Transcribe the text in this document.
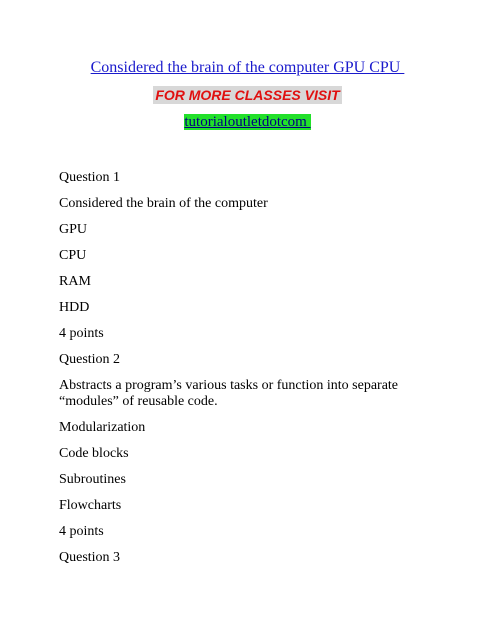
Considered the brain of the computer GPU CPU
FOR MORE CLASSES VISIT
tutorialoutletdotcom
Question 1
Considered the brain of the computer
GPU
CPU
RAM
HDD
4 points
Question 2
Abstracts a program’s various tasks or function into separate “modules” of reusable code.
Modularization
Code blocks
Subroutines
Flowcharts
4 points
Question 3
